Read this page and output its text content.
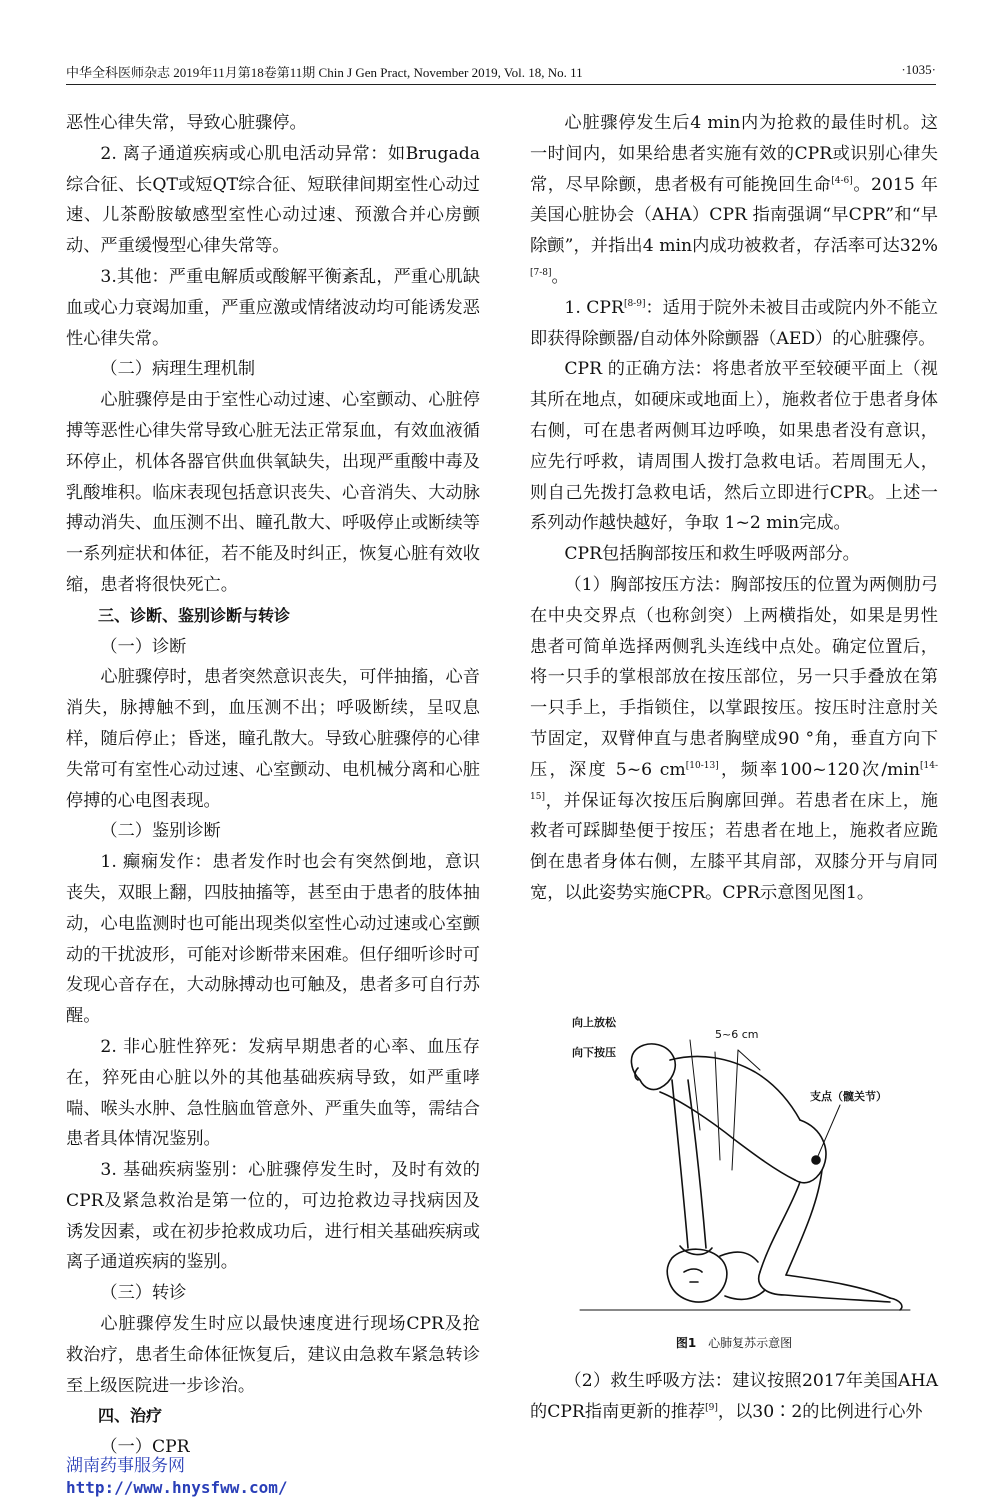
中华全科医师杂志 2019年11月第18卷第11期 Chin J Gen Pract, November 2019, Vol. 18, No. 11	·1035·

恶性心律失常，导致心脏骤停。

2. 离子通道疾病或心肌电活动异常：如Brugada综合征、长QT或短QT综合征、短联律间期室性心动过速、儿茶酚胺敏感型室性心动过速、预激合并心房颤动、严重缓慢型心律失常等。

3.其他：严重电解质或酸解平衡紊乱，严重心肌缺血或心力衰竭加重，严重应激或情绪波动均可能诱发恶性心律失常。

（二）病理生理机制

心脏骤停是由于室性心动过速、心室颤动、心脏停搏等恶性心律失常导致心脏无法正常泵血，有效血液循环停止，机体各器官供血供氧缺失，出现严重酸中毒及乳酸堆积。临床表现包括意识丧失、心音消失、大动脉搏动消失、血压测不出、瞳孔散大、呼吸停止或断续等一系列症状和体征，若不能及时纠正，恢复心脏有效收缩，患者将很快死亡。

三、诊断、鉴别诊断与转诊

（一）诊断

心脏骤停时，患者突然意识丧失，可伴抽搐，心音消失，脉搏触不到，血压测不出；呼吸断续，呈叹息样，随后停止；昏迷，瞳孔散大。导致心脏骤停的心律失常可有室性心动过速、心室颤动、电机械分离和心脏停搏的心电图表现。

（二）鉴别诊断

1. 癫痫发作：患者发作时也会有突然倒地，意识丧失，双眼上翻，四肢抽搐等，甚至由于患者的肢体抽动，心电监测时也可能出现类似室性心动过速或心室颤动的干扰波形，可能对诊断带来困难。但仔细听诊时可发现心音存在，大动脉搏动也可触及，患者多可自行苏醒。

2. 非心脏性猝死：发病早期患者的心率、血压存在，猝死由心脏以外的其他基础疾病导致，如严重哮喘、喉头水肿、急性脑血管意外、严重失血等，需结合患者具体情况鉴别。

3. 基础疾病鉴别：心脏骤停发生时，及时有效的CPR及紧急救治是第一位的，可边抢救边寻找病因及诱发因素，或在初步抢救成功后，进行相关基础疾病或离子通道疾病的鉴别。

（三）转诊

心脏骤停发生时应以最快速度进行现场CPR及抢救治疗，患者生命体征恢复后，建议由急救车紧急转诊至上级医院进一步诊治。

四、治疗

（一）CPR

心脏骤停发生后4 min内为抢救的最佳时机。这一时间内，如果给患者实施有效的CPR或识别心律失常，尽早除颤，患者极有可能挽回生命[4-6]。2015 年美国心脏协会（AHA）CPR 指南强调“早CPR”和“早除颤”，并指出4 min内成功被救者，存活率可达32%[7-8]。

1. CPR[8-9]：适用于院外未被目击或院内外不能立即获得除颤器/自动体外除颤器（AED）的心脏骤停。

CPR 的正确方法：将患者放平至较硬平面上（视其所在地点，如硬床或地面上），施救者位于患者身体右侧，可在患者两侧耳边呼唤，如果患者没有意识，应先行呼救，请周围人拨打急救电话。若周围无人，则自己先拨打急救电话，然后立即进行CPR。上述一系列动作越快越好，争取 1~2 min完成。

CPR包括胸部按压和救生呼吸两部分。

（1）胸部按压方法：胸部按压的位置为两侧肋弓在中央交界点（也称剑突）上两横指处，如果是男性患者可简单选择两侧乳头连线中点处。确定位置后，将一只手的掌根部放在按压部位，另一只手叠放在第一只手上，手指锁住，以掌跟按压。按压时注意肘关节固定，双臂伸直与患者胸壁成90 °角，垂直方向下压，深度 5~6 cm[10-13]，频率100~120次/min[14-15]，并保证每次按压后胸廓回弹。若患者在床上，施救者可踩脚垫便于按压；若患者在地上，施救者应跪倒在患者身体右侧，左膝平其肩部，双膝分开与肩同宽，以此姿势实施CPR。CPR示意图见图1。

向上放松
向下按压
5~6 cm
支点（髋关节）
图1 心肺复苏示意图

（2）救生呼吸方法：建议按照2017年美国AHA的CPR指南更新的推荐[9]，以30∶2的比例进行心外

湖南药事服务网
http://www.hnysfww.com/
